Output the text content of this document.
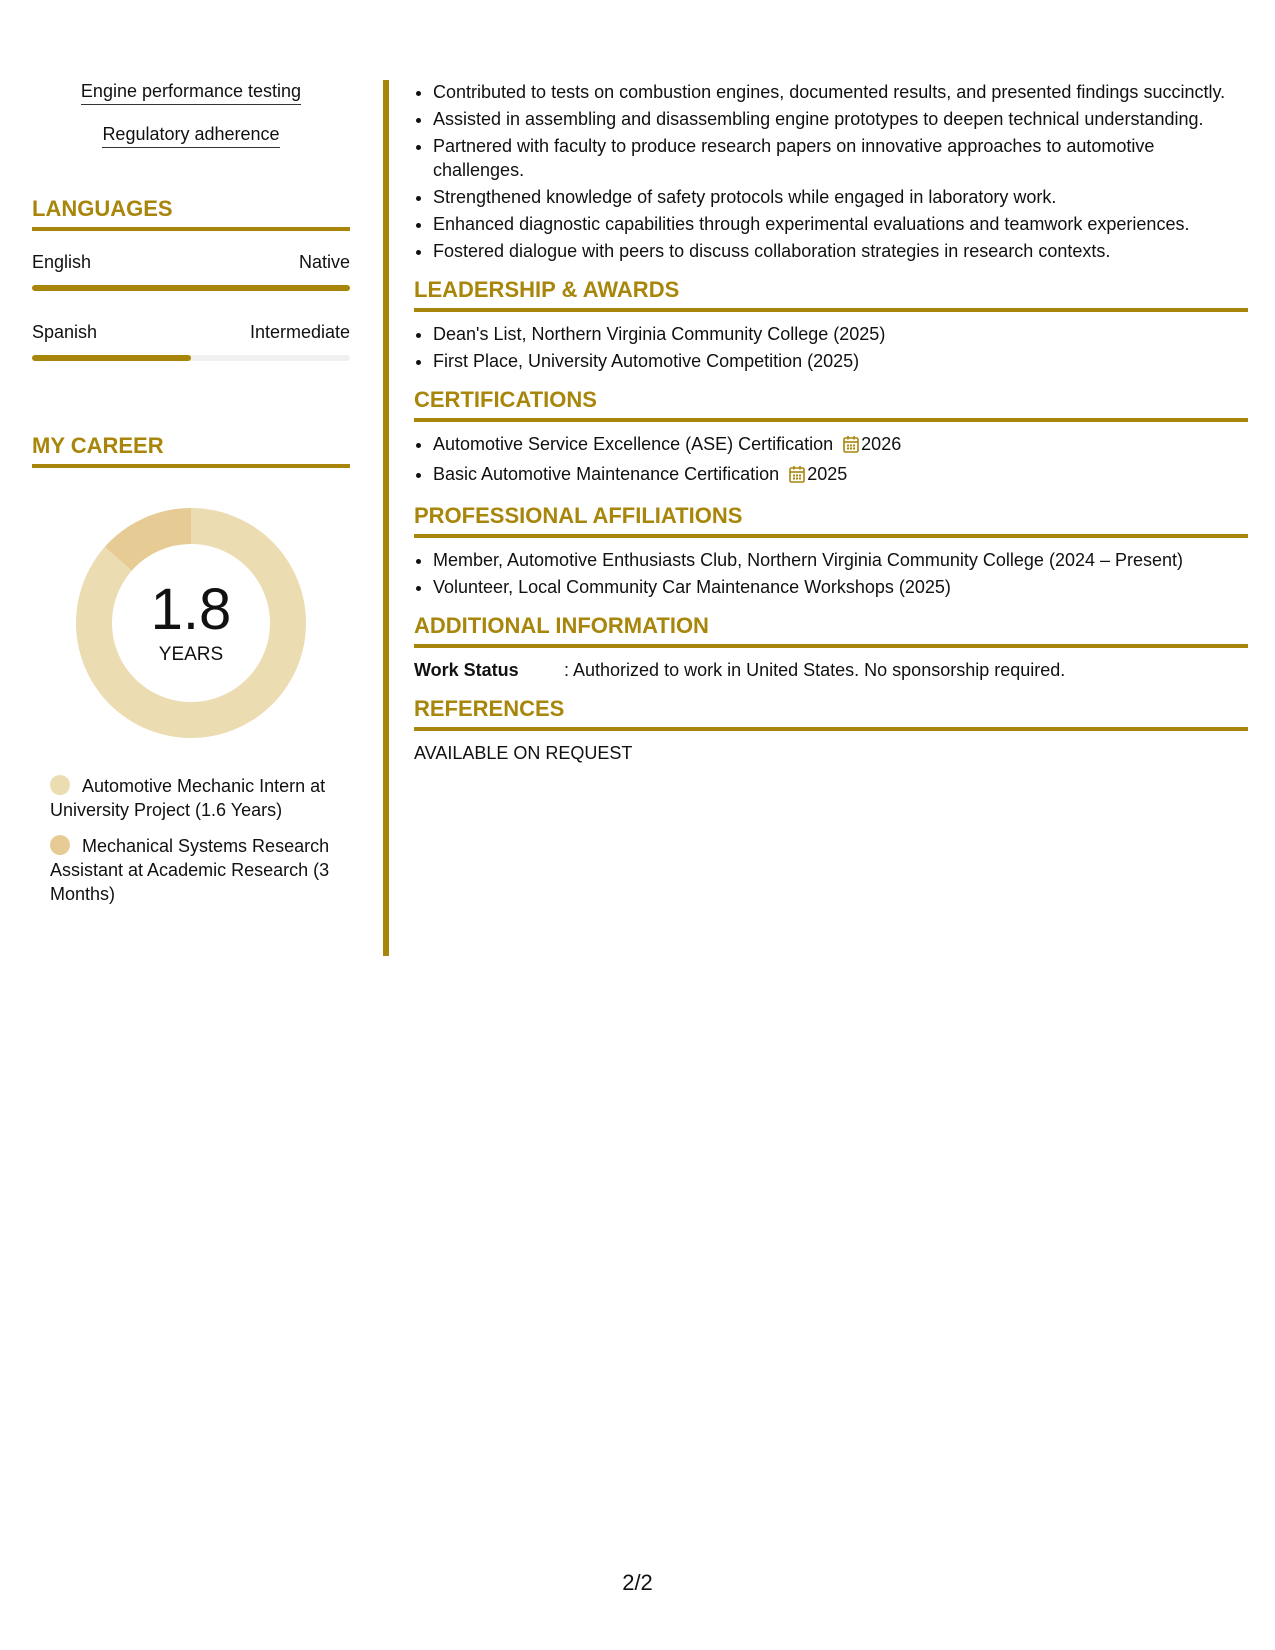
Engine performance testing
Regulatory adherence
LANGUAGES
English	Native
Spanish	Intermediate
MY CAREER
1.8
YEARS
Automotive Mechanic Intern at University Project (1.6 Years)
Mechanical Systems Research Assistant at Academic Research (3 Months)
• Contributed to tests on combustion engines, documented results, and presented findings succinctly.
• Assisted in assembling and disassembling engine prototypes to deepen technical understanding.
• Partnered with faculty to produce research papers on innovative approaches to automotive challenges.
• Strengthened knowledge of safety protocols while engaged in laboratory work.
• Enhanced diagnostic capabilities through experimental evaluations and teamwork experiences.
• Fostered dialogue with peers to discuss collaboration strategies in research contexts.
LEADERSHIP & AWARDS
• Dean's List, Northern Virginia Community College (2025)
• First Place, University Automotive Competition (2025)
CERTIFICATIONS
• Automotive Service Excellence (ASE) Certification 2026
• Basic Automotive Maintenance Certification 2025
PROFESSIONAL AFFILIATIONS
• Member, Automotive Enthusiasts Club, Northern Virginia Community College (2024 – Present)
• Volunteer, Local Community Car Maintenance Workshops (2025)
ADDITIONAL INFORMATION
Work Status	: Authorized to work in United States. No sponsorship required.
REFERENCES
AVAILABLE ON REQUEST
2/2
